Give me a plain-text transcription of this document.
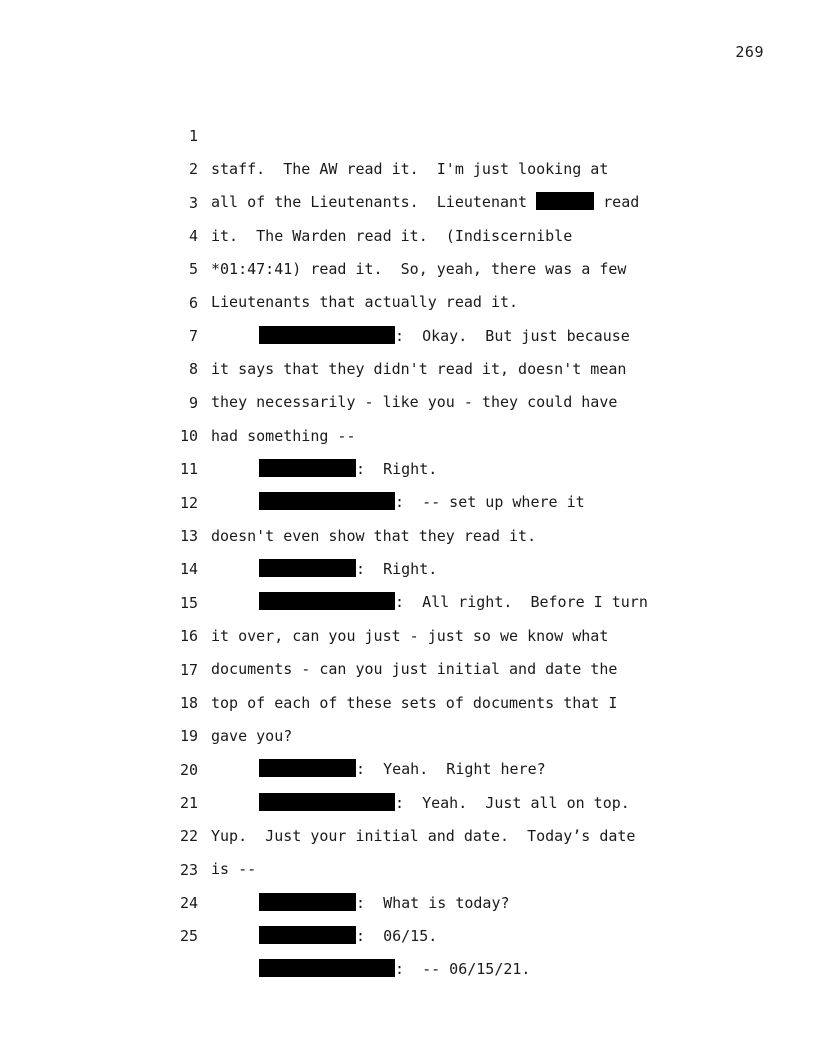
269

1

staff.  The AW read it.  I'm just looking at

2

all of the Lieutenants.  Lieutenant	read

3

it.  The Warden read it.  (Indiscernible

4

*01:47:41) read it.  So, yeah, there was a few

5

Lieutenants that actually read it.

6

:  Okay.  But just because

7

it says that they didn't read it, doesn't mean

8

they necessarily - like you - they could have

9

had something --

10

:  Right.

11

:  -- set up where it

12

doesn't even show that they read it.

13

:  Right.

14

:  All right.  Before I turn

15

it over, can you just - just so we know what

16

documents - can you just initial and date the

17

top of each of these sets of documents that I

18

gave you?

19

:  Yeah.  Right here?

20

:  Yeah.  Just all on top.

21

Yup.  Just your initial and date.  Today’s date

22

is --

23

:  What is today?

24

:  06/15.

25

:  -- 06/15/21.
